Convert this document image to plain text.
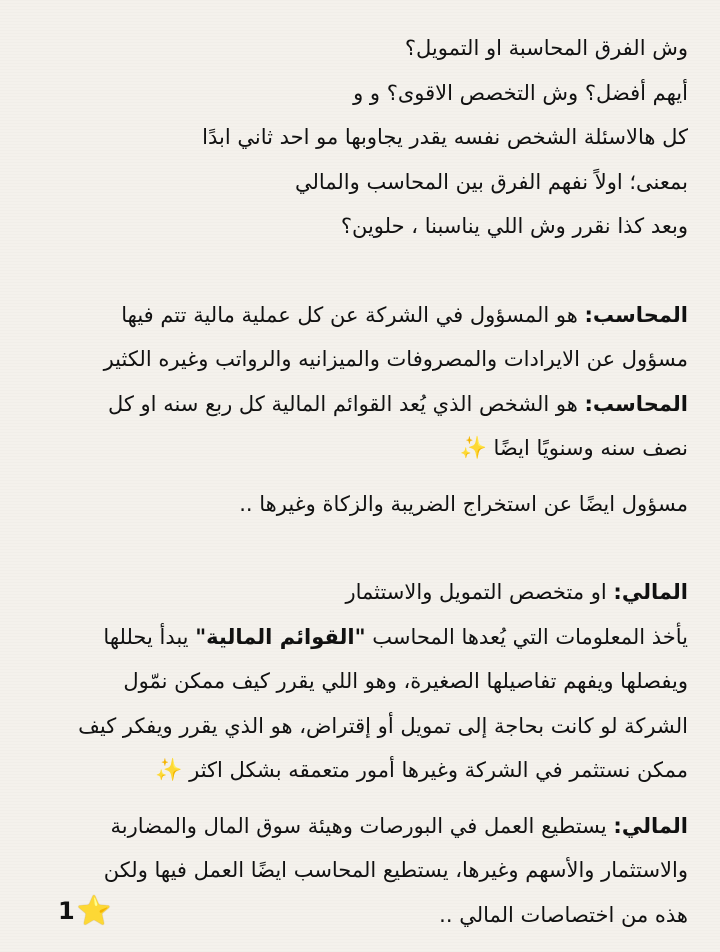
وش الفرق المحاسبة او التمويل؟
أيهم أفضل؟ وش التخصص الاقوى؟ و و
كل هالاسئلة الشخص نفسه يقدر يجاوبها مو احد ثاني ابدًا
بمعنى؛ اولاً نفهم الفرق بين المحاسب والمالي
وبعد كذا نقرر وش اللي يناسبنا ، حلوين؟
المحاسب: هو المسؤول في الشركة عن كل عملية مالية تتم فيها
مسؤول عن الايرادات والمصروفات والميزانيه والرواتب وغيره الكثير
المحاسب: هو الشخص الذي يُعد القوائم المالية كل ربع سنه او كل
نصف سنه وسنويًا ايضًا ✨
مسؤول ايضًا عن استخراج الضريبة والزكاة وغيرها ..
المالي: او متخصص التمويل والاستثمار
يأخذ المعلومات التي يُعدها المحاسب "القوائم المالية" يبدأ يحللها
ويفصلها ويفهم تفاصيلها الصغيرة، وهو اللي يقرر كيف ممكن نمّول
الشركة لو كانت بحاجة إلى تمويل أو إقتراض، هو الذي يقرر ويفكر كيف
ممكن نستثمر في الشركة وغيرها أمور متعمقه بشكل اكثر ✨
المالي: يستطيع العمل في البورصات وهيئة سوق المال والمضاربة
والاستثمار والأسهم وغيرها، يستطيع المحاسب ايضًا العمل فيها ولكن
هذه من اختصاصات المالي ..
1 ⭐
